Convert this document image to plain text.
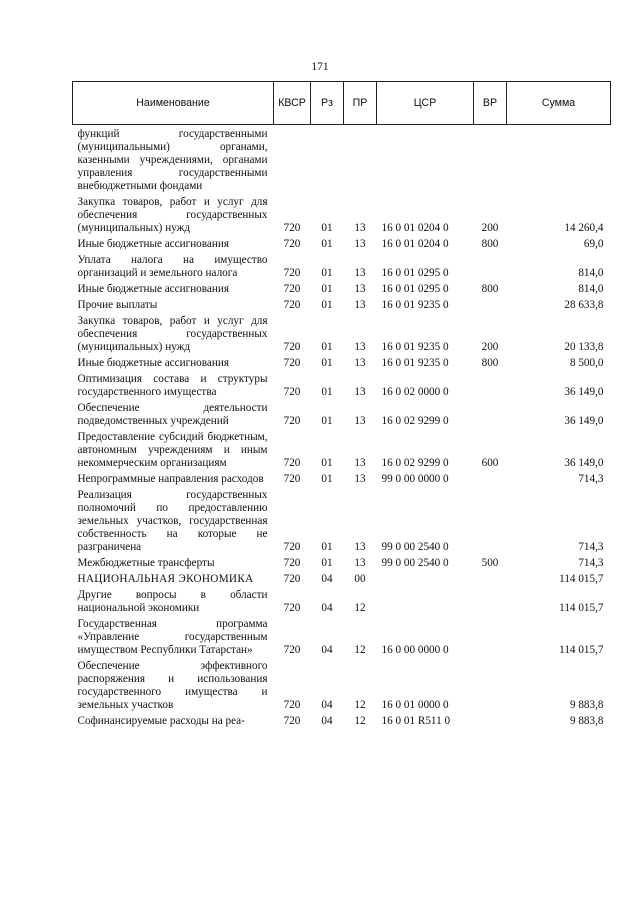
171
Наименование	КВСР	Рз	ПР	ЦСР	ВР	Сумма
функций государственными (муниципальными) органами, казенными учреждениями, органами управления государственными внебюджетными фондами						
Закупка товаров, работ и услуг для обеспечения государственных (муниципальных) нужд	720	01	13	16 0 01 0204 0	200	14 260,4
Иные бюджетные ассигнования	720	01	13	16 0 01 0204 0	800	69,0
Уплата налога на имущество организаций и земельного налога	720	01	13	16 0 01 0295 0		814,0
Иные бюджетные ассигнования	720	01	13	16 0 01 0295 0	800	814,0
Прочие выплаты	720	01	13	16 0 01 9235 0		28 633,8
Закупка товаров, работ и услуг для обеспечения государственных (муниципальных) нужд	720	01	13	16 0 01 9235 0	200	20 133,8
Иные бюджетные ассигнования	720	01	13	16 0 01 9235 0	800	8 500,0
Оптимизация состава и структуры государственного имущества	720	01	13	16 0 02 0000 0		36 149,0
Обеспечение деятельности подведомственных учреждений	720	01	13	16 0 02 9299 0		36 149,0
Предоставление субсидий бюджетным, автономным учреждениям и иным некоммерческим организациям	720	01	13	16 0 02 9299 0	600	36 149,0
Непрограммные направления расходов	720	01	13	99 0 00 0000 0		714,3
Реализация государственных полномочий по предоставлению земельных участков, государственная собственность на которые не разграничена	720	01	13	99 0 00 2540 0		714,3
Межбюджетные трансферты	720	01	13	99 0 00 2540 0	500	714,3
НАЦИОНАЛЬНАЯ ЭКОНОМИКА	720	04	00			114 015,7
Другие вопросы в области национальной экономики	720	04	12			114 015,7
Государственная программа «Управление государственным имуществом Республики Татарстан»	720	04	12	16 0 00 0000 0		114 015,7
Обеспечение эффективного распоряжения и использования государственного имущества и земельных участков	720	04	12	16 0 01 0000 0		9 883,8
Софинансируемые расходы на реа-	720	04	12	16 0 01 R511 0		9 883,8
